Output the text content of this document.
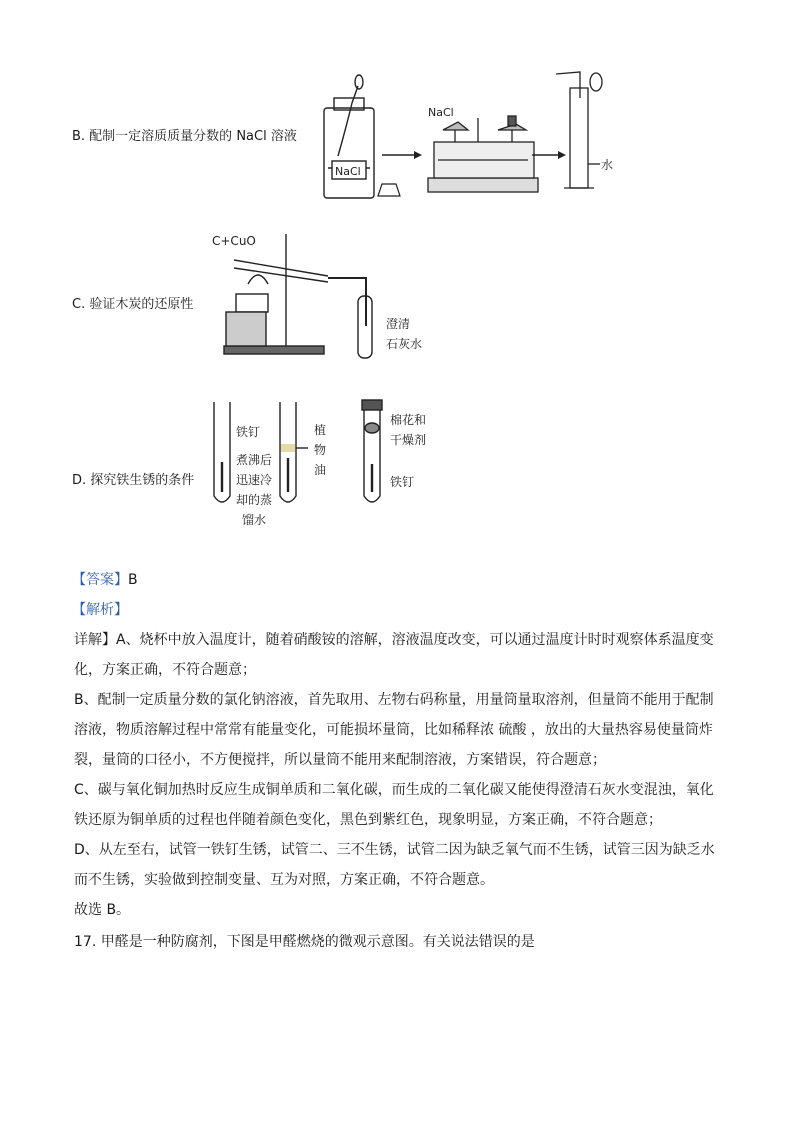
B. 配制一定溶质质量分数的 NaCl 溶液
C. 验证木炭的还原性
D. 探究铁生锈的条件
NaCl
NaCl
水
C+CuO
澄清
石灰水
铁钉
煮沸后
迅速冷
却的蒸
馏水
植
物
油
棉花和
干燥剂
铁钉
【答案】B
【解析】
详解】A、烧杯中放入温度计，随着硝酸铵的溶解，溶液温度改变，可以通过温度计时时观察体系温度变
化，方案正确，不符合题意；
B、配制一定质量分数的氯化钠溶液，首先取用、左物右码称量，用量筒量取溶剂，但量筒不能用于配制
溶液，物质溶解过程中常常有能量变化，可能损坏量筒，比如稀释浓 硫酸 ，放出的大量热容易使量筒炸
裂，量筒的口径小，不方便搅拌，所以量筒不能用来配制溶液，方案错误，符合题意；
C、碳与氧化铜加热时反应生成铜单质和二氧化碳，而生成的二氧化碳又能使得澄清石灰水变混浊，氧化
铁还原为铜单质的过程也伴随着颜色变化，黑色到紫红色，现象明显，方案正确，不符合题意；
D、从左至右，试管一铁钉生锈，试管二、三不生锈，试管二因为缺乏氧气而不生锈，试管三因为缺乏水
而不生锈，实验做到控制变量、互为对照，方案正确，不符合题意。
故选 B。
17. 甲醛是一种防腐剂，下图是甲醛燃烧的微观示意图。有关说法错误的是
